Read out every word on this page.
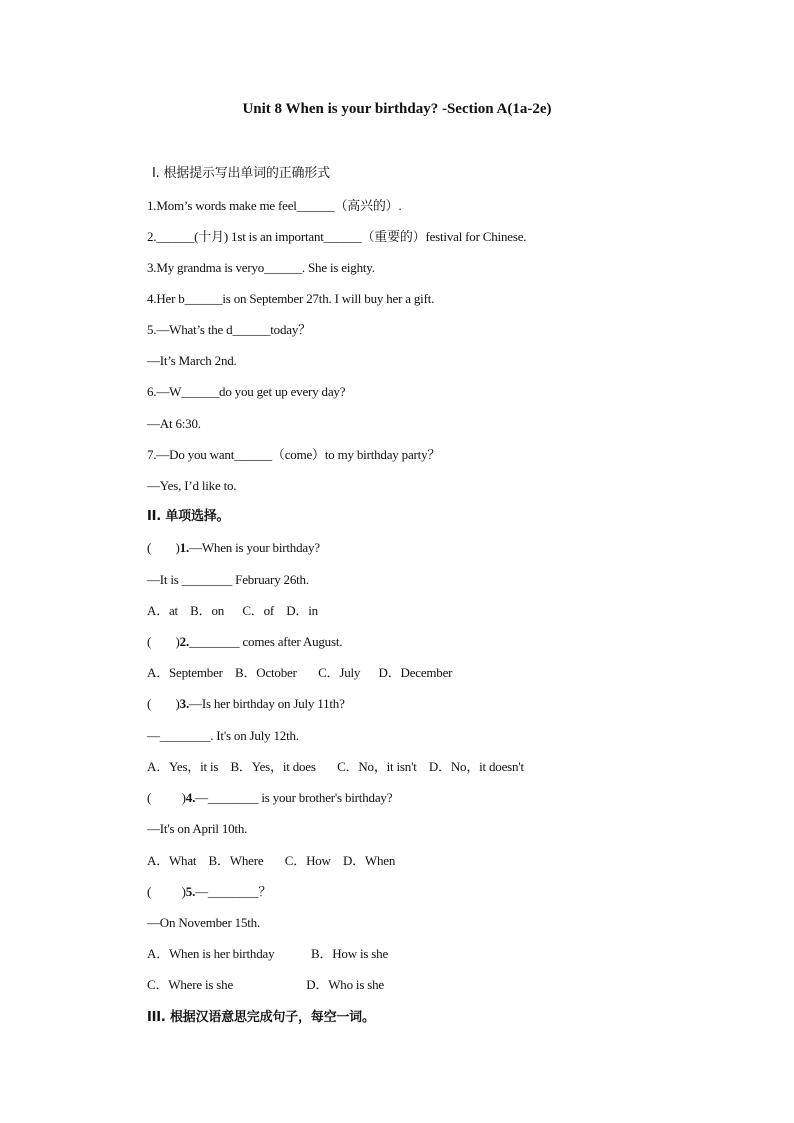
Unit 8 When is your birthday? -Section A(1a-2e)
Ⅰ. 根据提示写出单词的正确形式
1.Mom’s words make me feel______（高兴的）.
2.______(十月) 1st is an important______（重要的）festival for Chinese.
3.My grandma is veryo______. She is eighty.
4.Her b______is on September 27th. I will buy her a gift.
5.—What’s the d______today？
—It’s March 2nd.
6.—W______do you get up every day?
—At 6:30.
7.—Do you want______（come）to my birthday party？
—Yes, I’d like to.
II. 单项选择。
(        )1.—When is your birthday?
—It is ________ February 26th.
A．at    B．on      C．of    D．in
(        )2.________ comes after August.
A．September    B．October       C．July      D．December
(        )3.—Is her birthday on July 11th?
—________. It's on July 12th.
A．Yes，it is    B．Yes，it does       C．No，it isn't    D．No，it doesn't
(          )4.—________ is your brother's birthday?
—It's on April 10th.
A．What    B．Where       C．How    D．When
(          )5.—________？
—On November 15th.
A．When is her birthday            B．How is she
C．Where is she                        D．Who is she
III. 根据汉语意思完成句子，每空一词。
